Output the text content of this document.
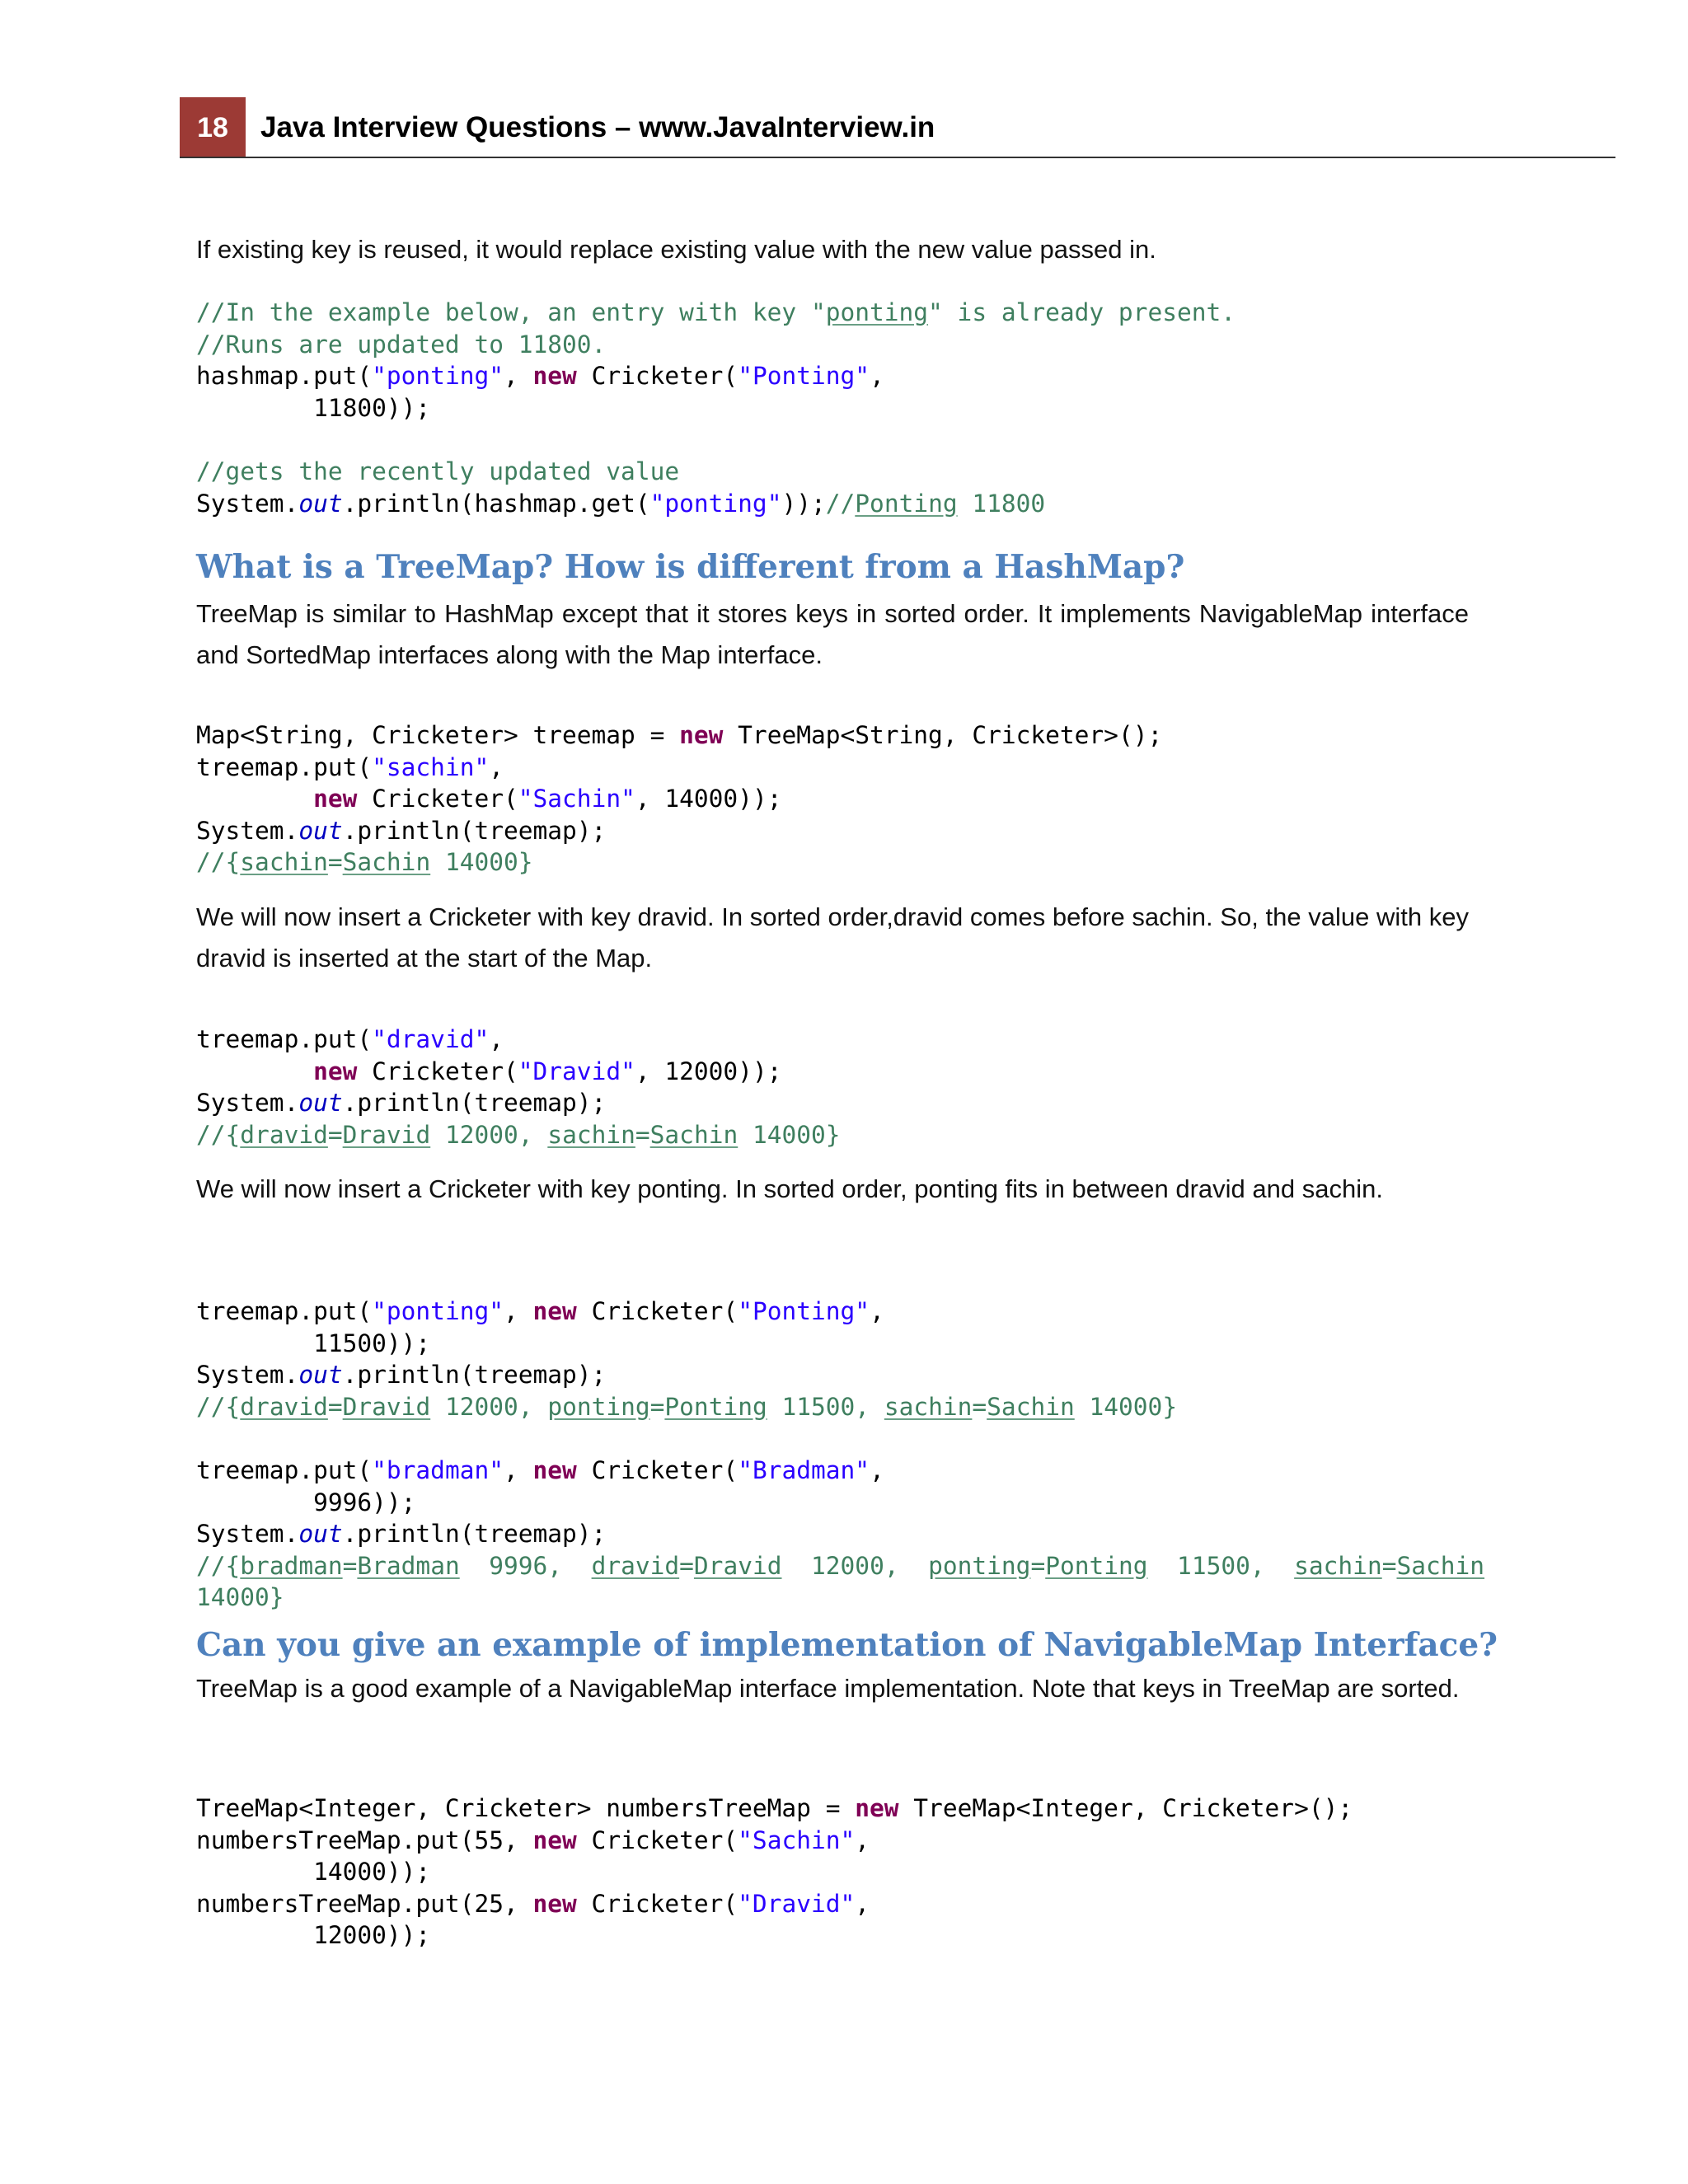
18	Java Interview Questions – www.JavaInterview.in

If existing key is reused, it would replace existing value with the new value passed in.

//In the example below, an entry with key "ponting" is already present.
//Runs are updated to 11800.
hashmap.put("ponting", new Cricketer("Ponting",
11800));
//gets the recently updated value
System.out.println(hashmap.get("ponting"));//Ponting 11800
What is a TreeMap? How is different from a HashMap?

TreeMap is similar to HashMap except that it stores keys in sorted order. It implements NavigableMap interface and SortedMap interfaces along with the Map interface.

Map<String, Cricketer> treemap = new TreeMap<String, Cricketer>();
treemap.put("sachin",
new Cricketer("Sachin", 14000));
System.out.println(treemap);
//{sachin=Sachin 14000}

We will now insert a Cricketer with key dravid. In sorted order,dravid comes before sachin. So, the value with key dravid is inserted at the start of the Map.

treemap.put("dravid",
new Cricketer("Dravid", 12000));
System.out.println(treemap);
//{dravid=Dravid 12000, sachin=Sachin 14000}

We will now insert a Cricketer with key ponting. In sorted order, ponting fits in between dravid and sachin.

treemap.put("ponting", new Cricketer("Ponting",
11500));
System.out.println(treemap);
//{dravid=Dravid 12000, ponting=Ponting 11500, sachin=Sachin 14000}
treemap.put("bradman", new Cricketer("Bradman",
9996));
System.out.println(treemap);
//{bradman=Bradman  9996,  dravid=Dravid  12000,  ponting=Ponting  11500,  sachin=Sachin
14000}
Can you give an example of implementation of NavigableMap Interface?

TreeMap is a good example of a NavigableMap interface implementation. Note that keys in TreeMap are sorted.

TreeMap<Integer, Cricketer> numbersTreeMap = new TreeMap<Integer, Cricketer>();
numbersTreeMap.put(55, new Cricketer("Sachin",
14000));
numbersTreeMap.put(25, new Cricketer("Dravid",
12000));
